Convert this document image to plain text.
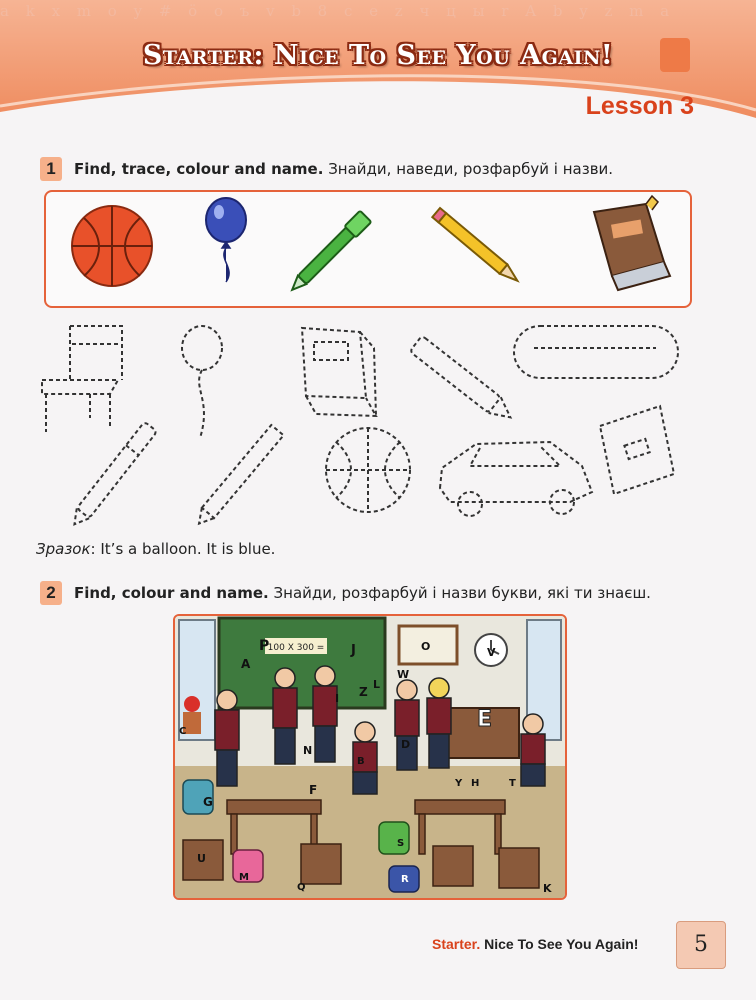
a k x m o y # ö o ъ v b 8 c e z ч ц ы r A b y z m a
Starter: Nice To See You Again!
Lesson 3
1	Find, trace, colour and name. Знайди, наведи, розфарбуй і назви.
Зразок: It’s a balloon. It is blue.
2	Find, colour and name. Знайди, розфарбуй і назви букви, які ти знаєш.
100 X 300 =
P
A
J
Z
W
O	V
C	E
N
B
D
Y H	T
G
F
S
U
M
Q
R
K
L
I
Starter. Nice To See You Again!	5
